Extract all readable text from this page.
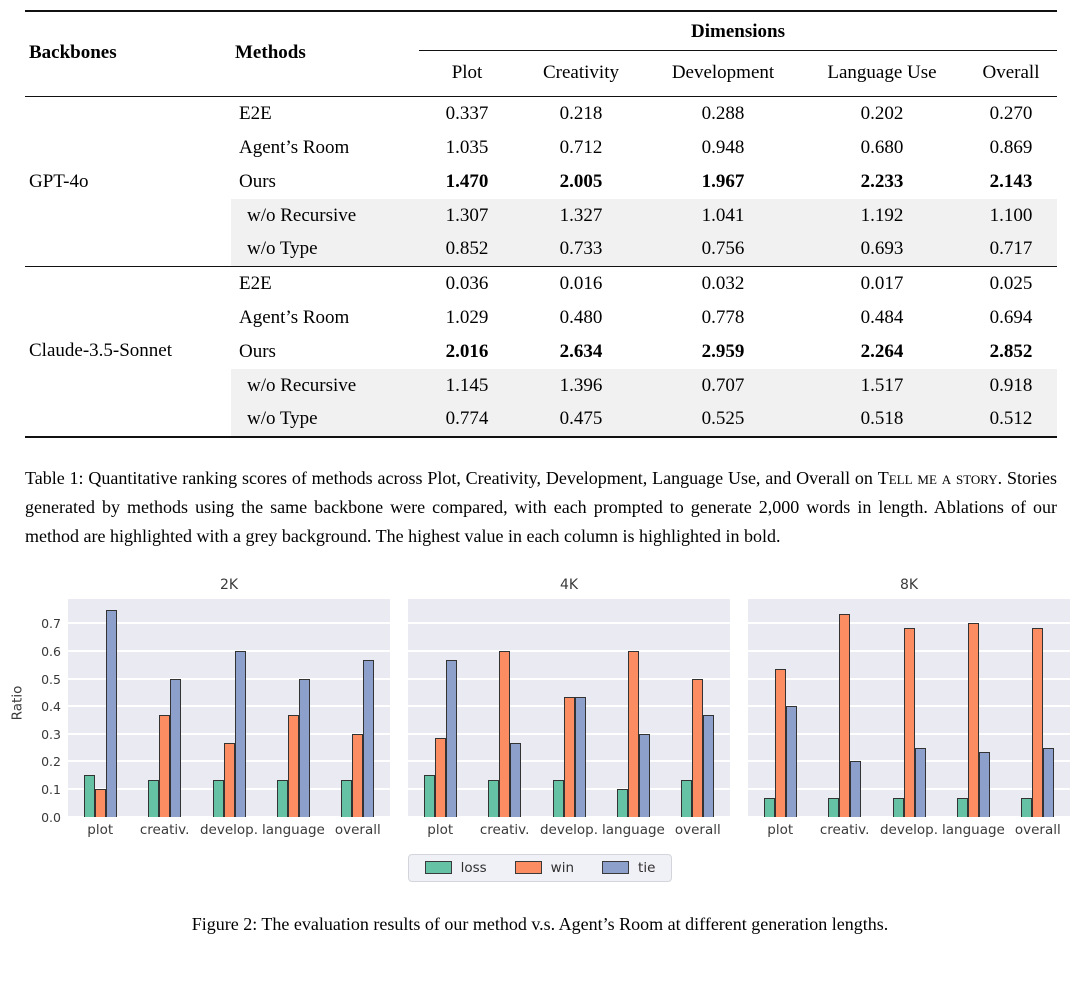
Backbones	Methods	Dimensions				
		Plot	Creativity	Development	Language Use	Overall
GPT-4o	E2E	0.337	0.218	0.288	0.202	0.270
	Agent’s Room	1.035	0.712	0.948	0.680	0.869
	Ours	1.470	2.005	1.967	2.233	2.143
	w/o Recursive	1.307	1.327	1.041	1.192	1.100
	w/o Type	0.852	0.733	0.756	0.693	0.717
Claude-3.5-Sonnet	E2E	0.036	0.016	0.032	0.017	0.025
	Agent’s Room	1.029	0.480	0.778	0.484	0.694
	Ours	2.016	2.634	2.959	2.264	2.852
	w/o Recursive	1.145	1.396	0.707	1.517	0.918
	w/o Type	0.774	0.475	0.525	0.518	0.512

Table 1: Quantitative ranking scores of methods across Plot, Creativity, Development, Language Use, and Overall on Tell me a story. Stories generated by methods using the same backbone were compared, with each prompted to generate 2,000 words in length. Ablations of our method are highlighted with a grey background. The highest value in each column is highlighted in bold.

2K
0.0
0.1
0.2
0.3
0.4
0.5
0.6
0.7
Ratio
plot	creativ. develop. language overall
4K
plot	creativ. develop. language overall
8K
plot	creativ. develop. language overall
loss	win	tie

Figure 2: The evaluation results of our method v.s. Agent’s Room at different generation lengths.
